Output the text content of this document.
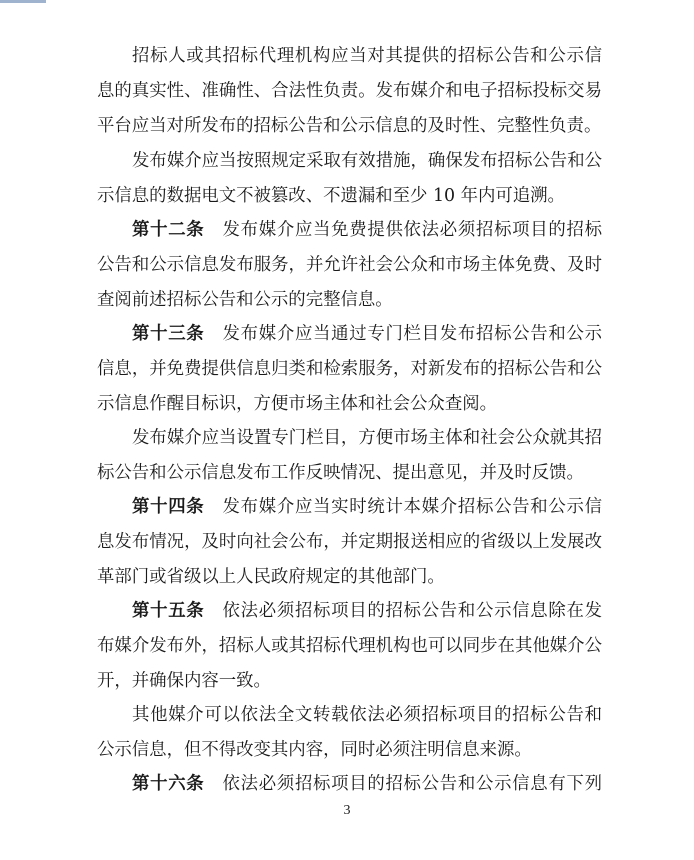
招标人或其招标代理机构应当对其提供的招标公告和公示信
息的真实性、准确性、合法性负责。发布媒介和电子招标投标交易
平台应当对所发布的招标公告和公示信息的及时性、完整性负责。
发布媒介应当按照规定采取有效措施，确保发布招标公告和公
示信息的数据电文不被篡改、不遗漏和至少 10 年内可追溯。
第十二条  发布媒介应当免费提供依法必须招标项目的招标
公告和公示信息发布服务，并允许社会公众和市场主体免费、及时
查阅前述招标公告和公示的完整信息。
第十三条  发布媒介应当通过专门栏目发布招标公告和公示
信息，并免费提供信息归类和检索服务，对新发布的招标公告和公
示信息作醒目标识，方便市场主体和社会公众查阅。
发布媒介应当设置专门栏目，方便市场主体和社会公众就其招
标公告和公示信息发布工作反映情况、提出意见，并及时反馈。
第十四条  发布媒介应当实时统计本媒介招标公告和公示信
息发布情况，及时向社会公布，并定期报送相应的省级以上发展改
革部门或省级以上人民政府规定的其他部门。
第十五条  依法必须招标项目的招标公告和公示信息除在发
布媒介发布外，招标人或其招标代理机构也可以同步在其他媒介公
开，并确保内容一致。
其他媒介可以依法全文转载依法必须招标项目的招标公告和
公示信息，但不得改变其内容，同时必须注明信息来源。
第十六条  依法必须招标项目的招标公告和公示信息有下列
3
